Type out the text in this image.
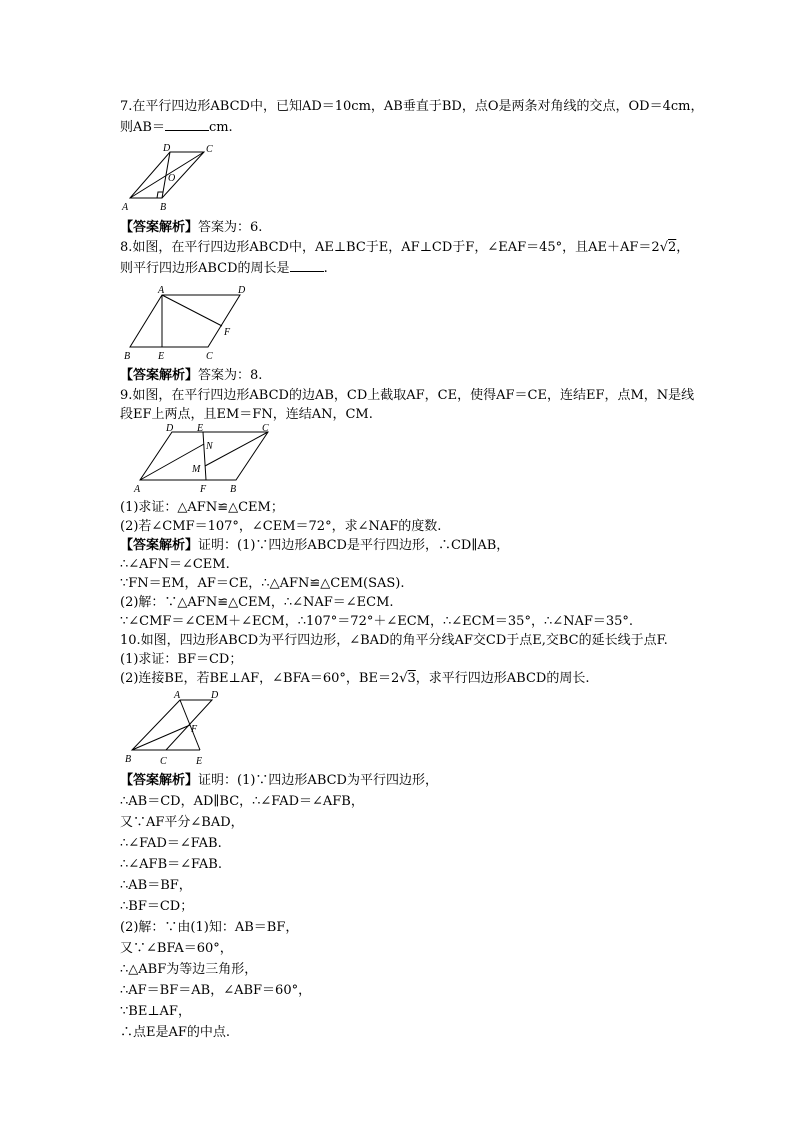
7.在平行四边形ABCD中，已知AD＝10cm，AB垂直于BD，点O是两条对角线的交点，OD＝4cm，
则AB＝	cm.
A	B
C
D
O
【答案解析】答案为：6.
8.如图，在平行四边形ABCD中，AE⊥BC于E，AF⊥CD于F，∠EAF＝45°，且AE＋AF＝2√2，
则平行四边形ABCD的周长是	.
A	D
B	E	C
F
【答案解析】答案为：8.
9.如图，在平行四边形ABCD的边AB，CD上截取AF，CE，使得AF＝CE，连结EF，点M，N是线
段EF上两点，且EM＝FN，连结AN，CM.
D E	C
N
M
A	F B
(1)求证：△AFN≌△CEM；
(2)若∠CMF＝107°，∠CEM＝72°，求∠NAF的度数.
【答案解析】证明：(1)∵四边形ABCD是平行四边形，∴CD∥AB，
∴∠AFN＝∠CEM.
∵FN＝EM，AF＝CE，∴△AFN≌△CEM(SAS).
(2)解：∵△AFN≌△CEM，∴∠NAF＝∠ECM.
∵∠CMF＝∠CEM＋∠ECM，∴107°＝72°＋∠ECM，∴∠ECM＝35°，∴∠NAF＝35°.
10.如图，四边形ABCD为平行四边形，∠BAD的角平分线AF交CD于点E,交BC的延长线于点F.
(1)求证：BF＝CD；
(2)连接BE，若BE⊥AF，∠BFA＝60°，BE＝2√3，求平行四边形ABCD的周长.
A	D
F
B	C	E
【答案解析】证明：(1)∵四边形ABCD为平行四边形，
∴AB＝CD，AD∥BC，∴∠FAD＝∠AFB，
又∵AF平分∠BAD，
∴∠FAD＝∠FAB.
∴∠AFB＝∠FAB.
∴AB＝BF，
∴BF＝CD；
(2)解：∵由(1)知：AB＝BF，
又∵∠BFA＝60°，
∴△ABF为等边三角形，
∴AF＝BF＝AB，∠ABF＝60°，
∵BE⊥AF，
∴点E是AF的中点.
